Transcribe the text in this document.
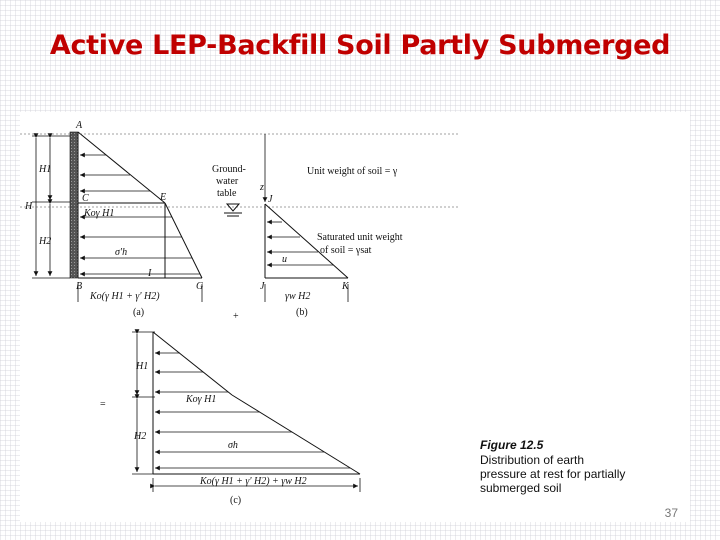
Active LEP-Backfill Soil Partly Submerged
H1
H
H2
A
C	E
B	G
I
Koγ H1
σ'h
Ko(γ H1 + γ' H2)
(a)	+
Ground-
water
table
z
Unit weight of soil = γ
J
u
Saturated unit weight
of soil = γsat
J	K
γw H2
(b)
=
H1
H2
Koγ H1
σh
Ko(γ H1 + γ' H2) + γw H2
(c)
Figure 12.5
Distribution of earth
pressure at rest for partially
submerged soil
37
